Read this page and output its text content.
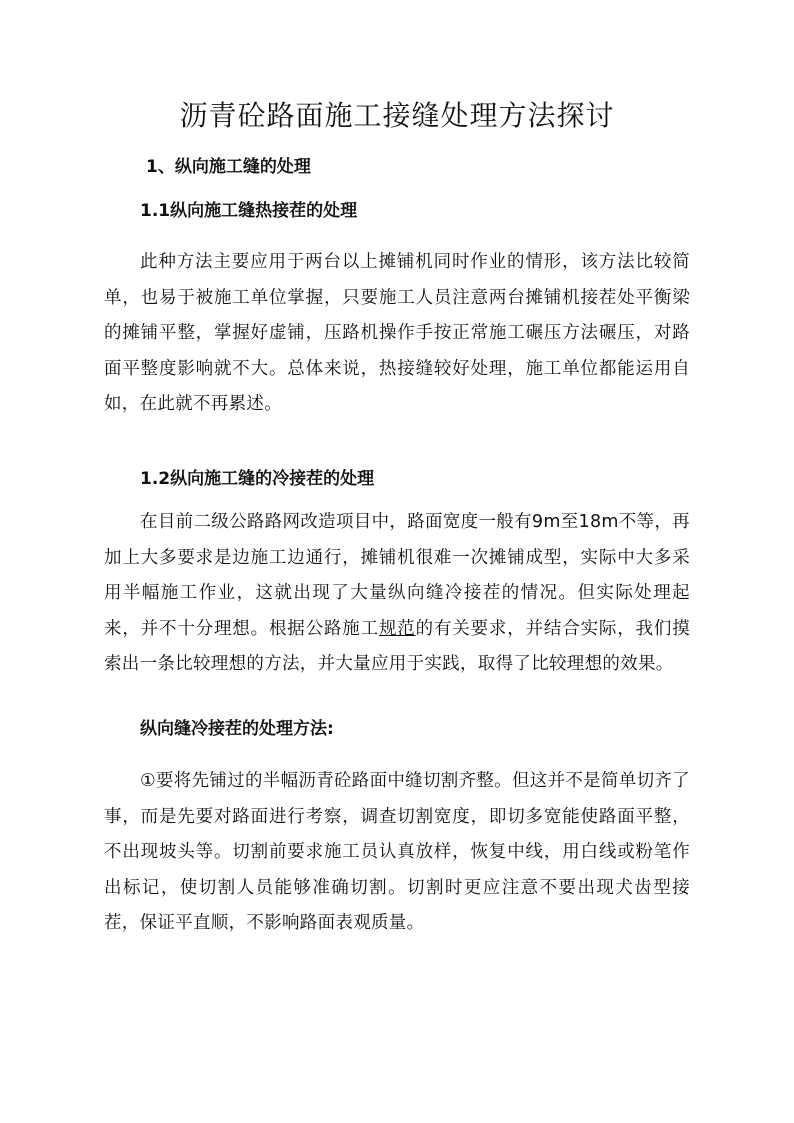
沥青砼路面施工接缝处理方法探讨
1、纵向施工缝的处理
1.1纵向施工缝热接茬的处理
此种方法主要应用于两台以上摊铺机同时作业的情形，该方法比较简单，也易于被施工单位掌握，只要施工人员注意两台摊铺机接茬处平衡梁的摊铺平整，掌握好虚铺，压路机操作手按正常施工碾压方法碾压，对路面平整度影响就不大。总体来说，热接缝较好处理，施工单位都能运用自如，在此就不再累述。
1.2纵向施工缝的冷接茬的处理
在目前二级公路路网改造项目中，路面宽度一般有9m至18m不等，再加上大多要求是边施工边通行，摊铺机很难一次摊铺成型，实际中大多采用半幅施工作业，这就出现了大量纵向缝冷接茬的情况。但实际处理起来，并不十分理想。根据公路施工规范的有关要求，并结合实际，我们摸索出一条比较理想的方法，并大量应用于实践，取得了比较理想的效果。
纵向缝冷接茬的处理方法:
①要将先铺过的半幅沥青砼路面中缝切割齐整。但这并不是简单切齐了事，而是先要对路面进行考察，调查切割宽度，即切多宽能使路面平整，不出现坡头等。切割前要求施工员认真放样，恢复中线，用白线或粉笔作出标记，使切割人员能够准确切割。切割时更应注意不要出现犬齿型接茬，保证平直顺，不影响路面表观质量。
